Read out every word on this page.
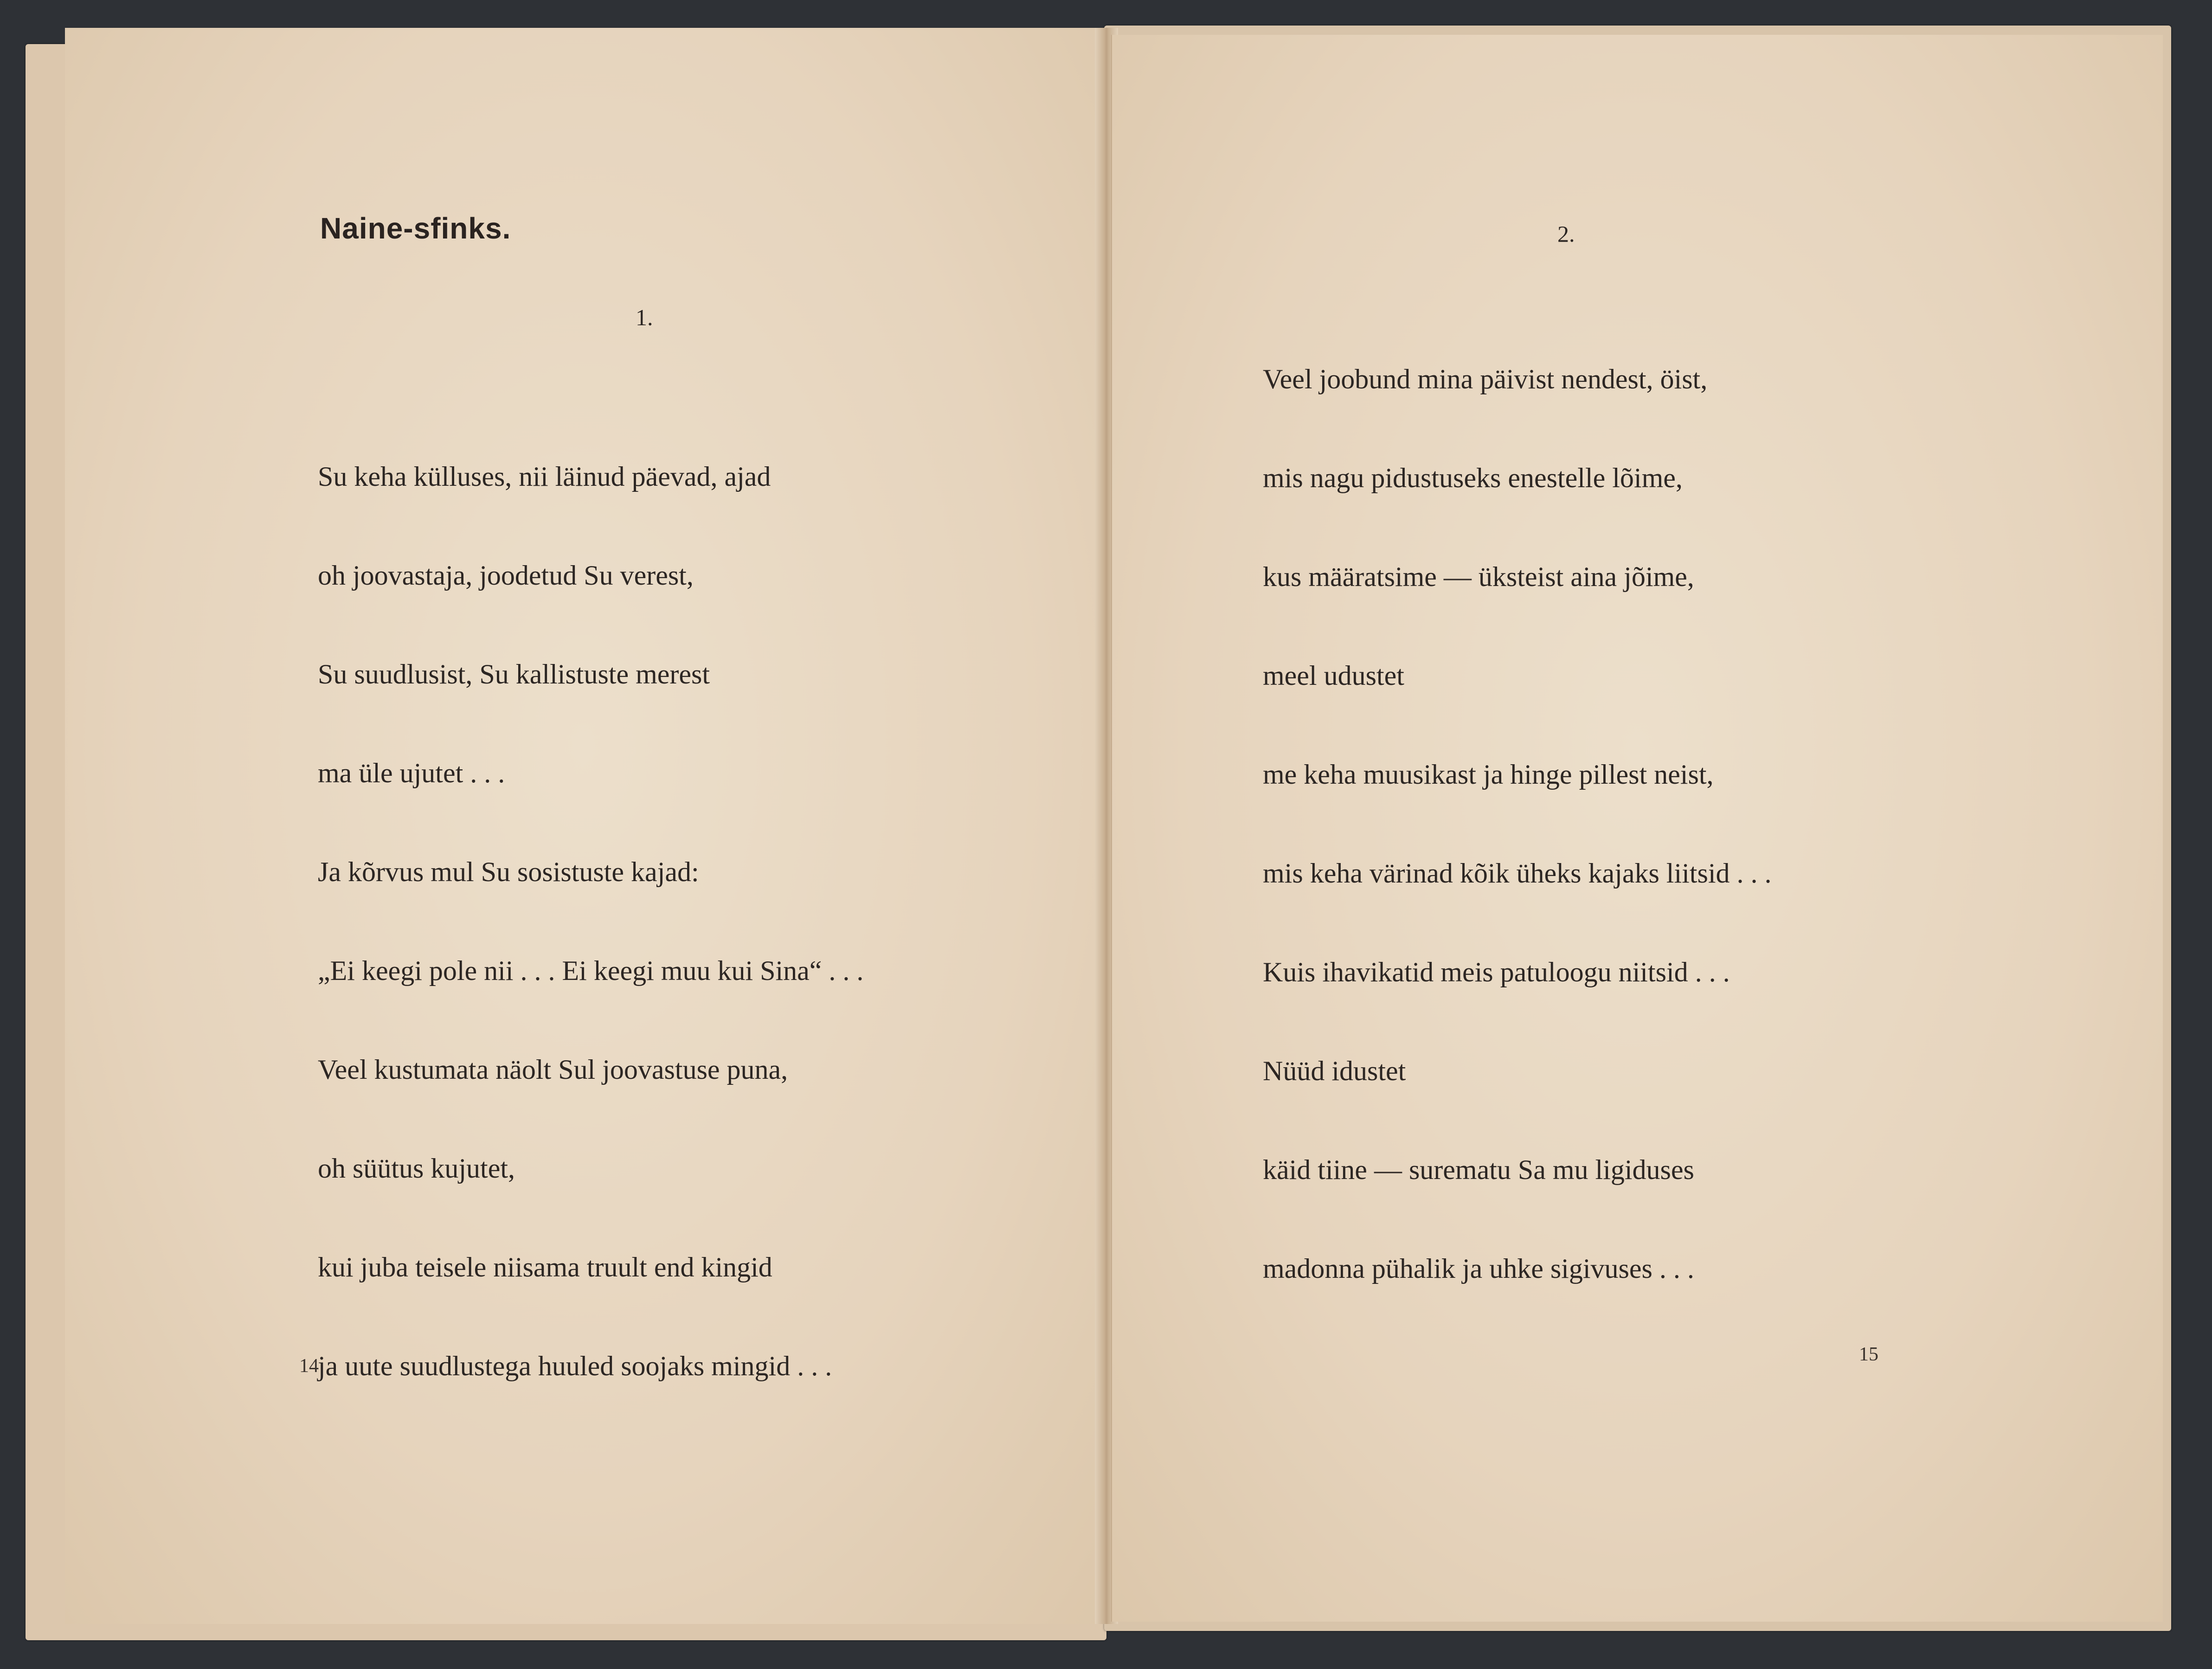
Naine-sfinks.
1.

Su keha külluses, nii läinud päevad, ajad

oh joovastaja, joodetud Su verest,

Su suudlusist, Su kallistuste merest

ma üle ujutet . . .

Ja kõrvus mul Su sosistuste kajad:

„Ei keegi pole nii . . . Ei keegi muu kui Sina“ . . .

Veel kustumata näolt Sul joovastuse puna,

oh süütus kujutet,

kui juba teisele niisama truult end kingid

ja uute suudlustega huuled soojaks mingid . . .

14
2.

Veel joobund mina päivist nendest, öist,

mis nagu pidustuseks enestelle lõime,

kus määratsime — üksteist aina jõime,

meel udustet

me keha muusikast ja hinge pillest neist,

mis keha värinad kõik üheks kajaks liitsid . . .

Kuis ihavikatid meis patuloogu niitsid . . .

Nüüd idustet

käid tiine — surematu Sa mu ligiduses

madonna pühalik ja uhke sigivuses . . .

15
